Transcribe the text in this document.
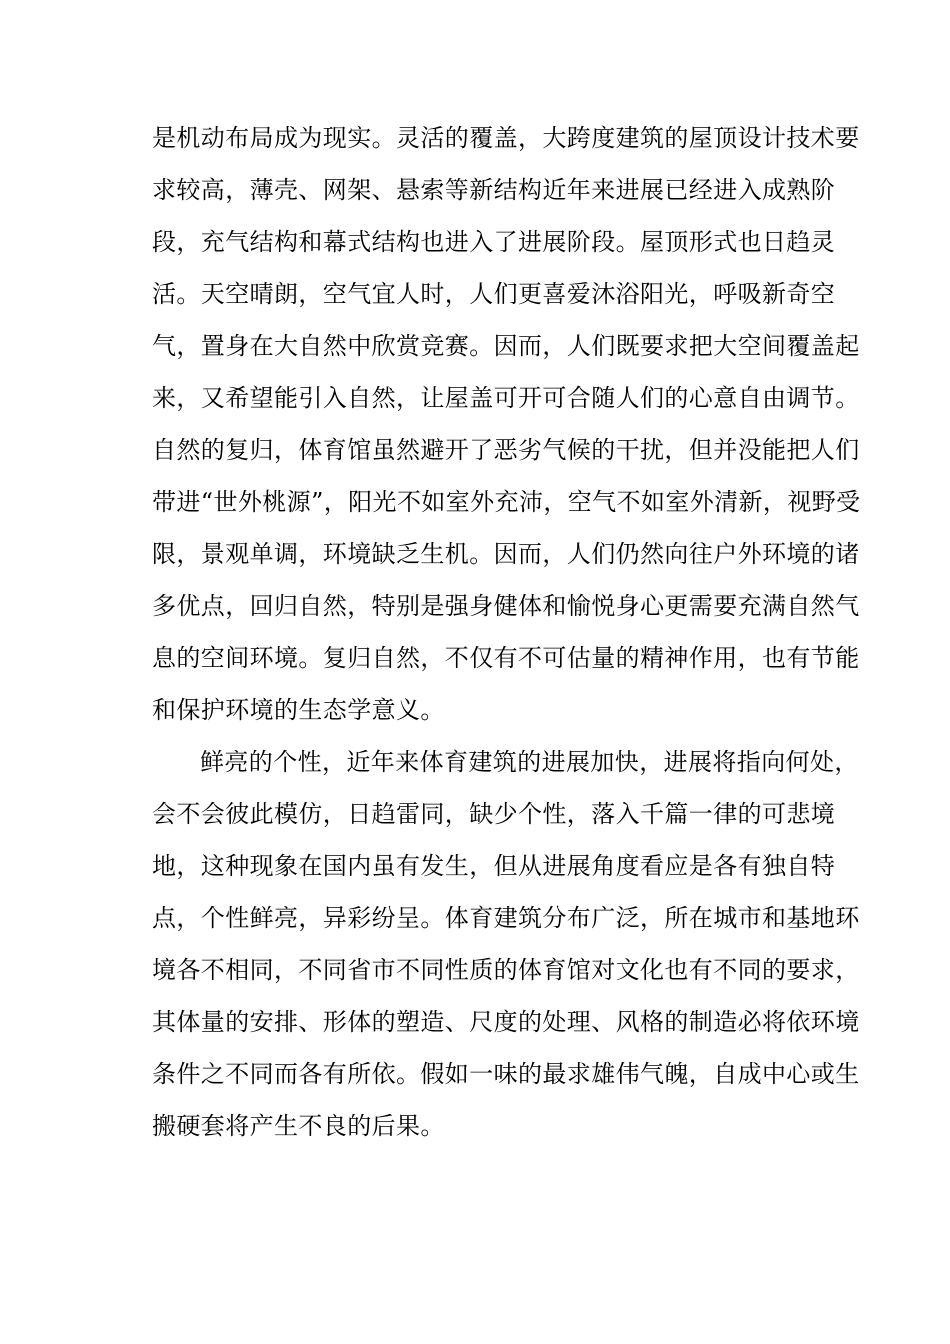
是机动布局成为现实。灵活的覆盖，大跨度建筑的屋顶设计技术要
求较高，薄壳、网架、悬索等新结构近年来进展已经进入成熟阶
段，充气结构和幕式结构也进入了进展阶段。屋顶形式也日趋灵
活。天空晴朗，空气宜人时，人们更喜爱沐浴阳光，呼吸新奇空
气，置身在大自然中欣赏竞赛。因而，人们既要求把大空间覆盖起
来，又希望能引入自然，让屋盖可开可合随人们的心意自由调节。
自然的复归，体育馆虽然避开了恶劣气候的干扰，但并没能把人们
带进“世外桃源”，阳光不如室外充沛，空气不如室外清新，视野受
限，景观单调，环境缺乏生机。因而，人们仍然向往户外环境的诸
多优点，回归自然，特别是强身健体和愉悦身心更需要充满自然气
息的空间环境。复归自然，不仅有不可估量的精神作用，也有节能
和保护环境的生态学意义。
鲜亮的个性，近年来体育建筑的进展加快，进展将指向何处，
会不会彼此模仿，日趋雷同，缺少个性，落入千篇一律的可悲境
地，这种现象在国内虽有发生，但从进展角度看应是各有独自特
点，个性鲜亮，异彩纷呈。体育建筑分布广泛，所在城市和基地环
境各不相同，不同省市不同性质的体育馆对文化也有不同的要求，
其体量的安排、形体的塑造、尺度的处理、风格的制造必将依环境
条件之不同而各有所依。假如一味的最求雄伟气魄，自成中心或生
搬硬套将产生不良的后果。
